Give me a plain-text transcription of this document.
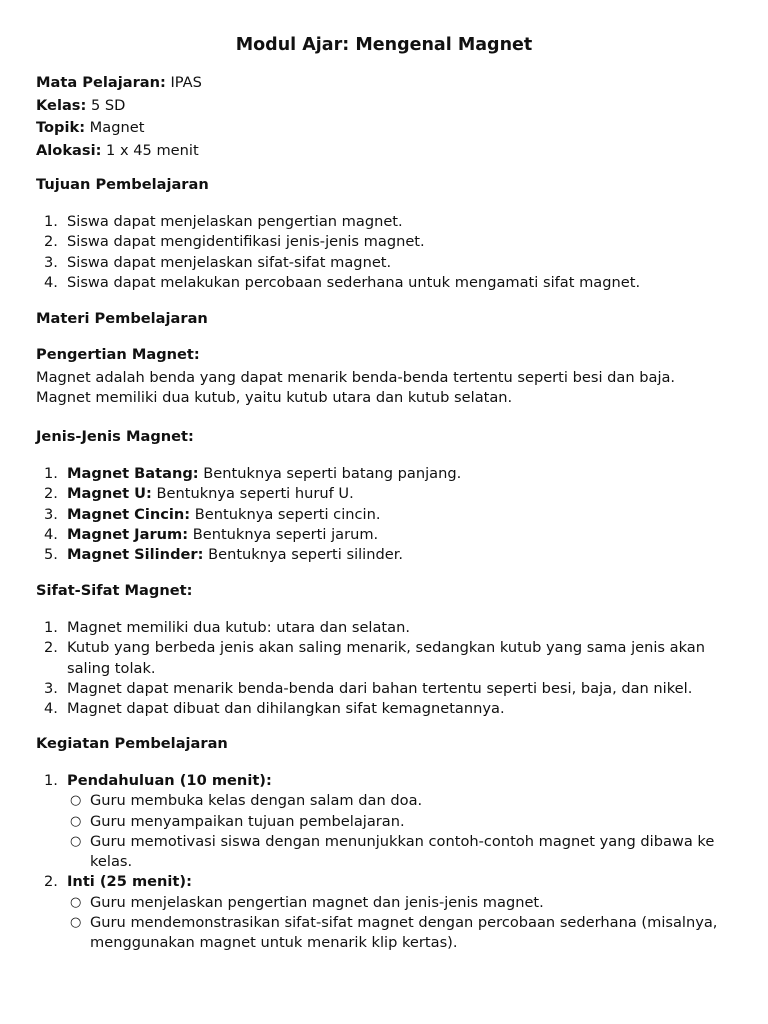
Modul Ajar: Mengenal Magnet
Mata Pelajaran: IPAS
Kelas: 5 SD
Topik: Magnet
Alokasi: 1 x 45 menit
Tujuan Pembelajaran
1. Siswa dapat menjelaskan pengertian magnet.
2. Siswa dapat mengidentifikasi jenis-jenis magnet.
3. Siswa dapat menjelaskan sifat-sifat magnet.
4. Siswa dapat melakukan percobaan sederhana untuk mengamati sifat magnet.
Materi Pembelajaran
Pengertian Magnet:

Magnet adalah benda yang dapat menarik benda-benda tertentu seperti besi dan baja. Magnet memiliki dua kutub, yaitu kutub utara dan kutub selatan.

Jenis-Jenis Magnet:
1. Magnet Batang: Bentuknya seperti batang panjang.
2. Magnet U: Bentuknya seperti huruf U.
3. Magnet Cincin: Bentuknya seperti cincin.
4. Magnet Jarum: Bentuknya seperti jarum.
5. Magnet Silinder: Bentuknya seperti silinder.
Sifat-Sifat Magnet:
1. Magnet memiliki dua kutub: utara dan selatan.
2. Kutub yang berbeda jenis akan saling menarik, sedangkan kutub yang sama jenis akan saling tolak.
3. Magnet dapat menarik benda-benda dari bahan tertentu seperti besi, baja, dan nikel.
4. Magnet dapat dibuat dan dihilangkan sifat kemagnetannya.
Kegiatan Pembelajaran
1. Pendahuluan (10 menit):
○ Guru membuka kelas dengan salam dan doa.
○ Guru menyampaikan tujuan pembelajaran.
○ Guru memotivasi siswa dengan menunjukkan contoh-contoh magnet yang dibawa ke kelas.
2. Inti (25 menit):
○ Guru menjelaskan pengertian magnet dan jenis-jenis magnet.
○ Guru mendemonstrasikan sifat-sifat magnet dengan percobaan sederhana (misalnya, menggunakan magnet untuk menarik klip kertas).
